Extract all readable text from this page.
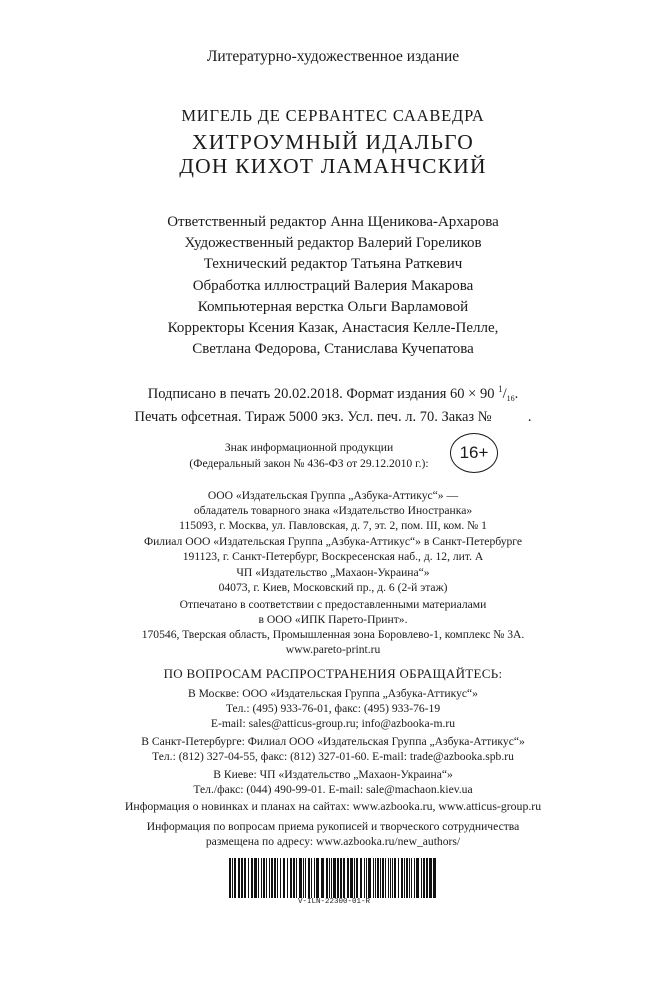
Литературно-художественное издание
МИГЕЛЬ ДЕ СЕРВАНТЕС СААВЕДРА
ХИТРОУМНЫЙ ИДАЛЬГО
ДОН КИХОТ ЛАМАНЧСКИЙ
Ответственный редактор Анна Щеникова-Архарова
Художественный редактор Валерий Гореликов
Технический редактор Татьяна Раткевич
Обработка иллюстраций Валерия Макарова
Компьютерная верстка Ольги Варламовой
Корректоры Ксения Казак, Анастасия Келле-Пелле,
Светлана Федорова, Станислава Кучепатова
Подписано в печать 20.02.2018. Формат издания 60 × 90 $^1/_{16}$.
Печать офсетная. Тираж 5000 экз. Усл. печ. л. 70. Заказ №	.
Знак информационной продукции
(Федеральный закон № 436-ФЗ от 29.12.2010 г.):
16+
ООО «Издательская Группа „Азбука-Аттикус“» —
обладатель товарного знака «Издательство Иностранка»
115093, г. Москва, ул. Павловская, д. 7, эт. 2, пом. III, ком. № 1
Филиал ООО «Издательская Группа „Азбука-Аттикус“» в Санкт-Петербурге
191123, г. Санкт-Петербург, Воскресенская наб., д. 12, лит. А
ЧП «Издательство „Махаон-Украина“»
04073, г. Киев, Московский пр., д. 6 (2-й этаж)
Отпечатано в соответствии с предоставленными материалами
в ООО «ИПК Парето-Принт».
170546, Тверская область, Промышленная зона Боровлево-1, комплекс № 3А.
www.pareto-print.ru
ПО ВОПРОСАМ РАСПРОСТРАНЕНИЯ ОБРАЩАЙТЕСЬ:
В Москве: ООО «Издательская Группа „Азбука-Аттикус“»
Тел.: (495) 933-76-01, факс: (495) 933-76-19
E-mail: sales@atticus-group.ru; info@azbooka-m.ru
В Санкт-Петербурге: Филиал ООО «Издательская Группа „Азбука-Аттикус“»
Тел.: (812) 327-04-55, факс: (812) 327-01-60. E-mail: trade@azbooka.spb.ru
В Киеве: ЧП «Издательство „Махаон-Украина“»
Тел./факс: (044) 490-99-01. E-mail: sale@machaon.kiev.ua
Информация о новинках и планах на сайтах: www.azbooka.ru, www.atticus-group.ru
Информация по вопросам приема рукописей и творческого сотрудничества
размещена по адресу: www.azbooka.ru/new_authors/
V-ILN-22300-01-R
